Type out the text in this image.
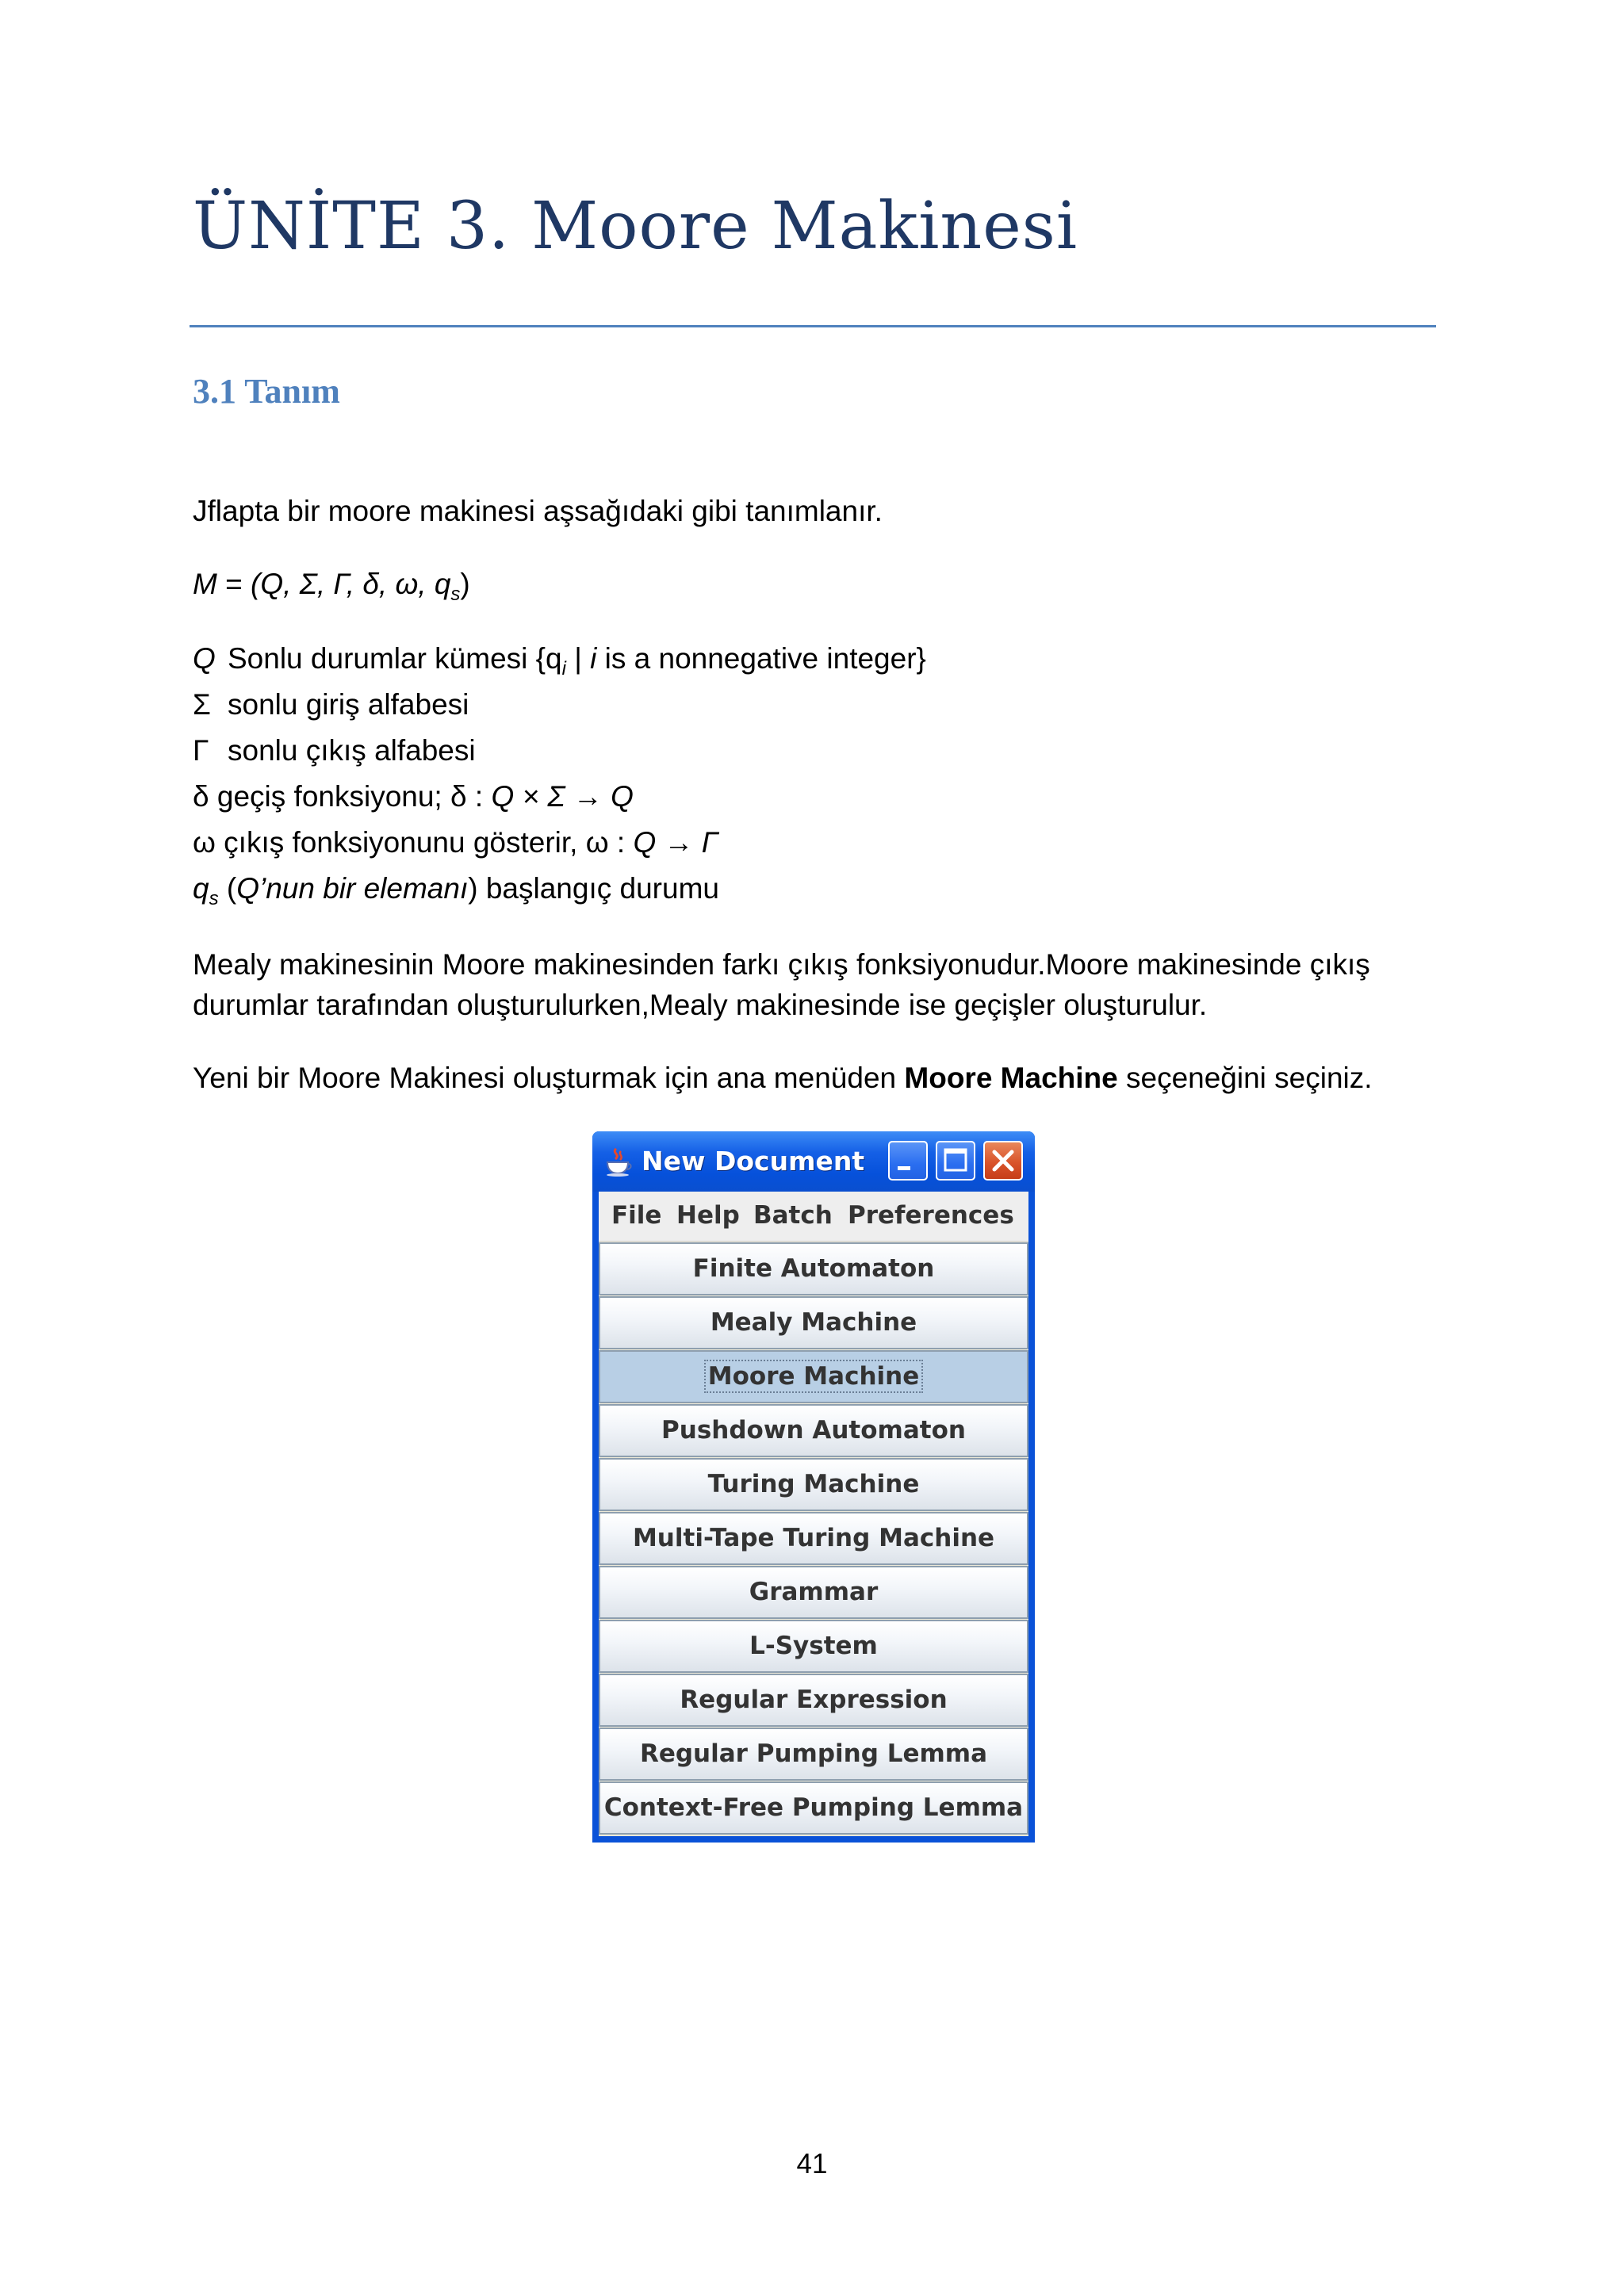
ÜNİTE 3. Moore Makinesi
3.1 Tanım
Jflapta bir moore makinesi aşsağıdaki gibi tanımlanır.
M = (Q, Σ, Γ, δ, ω, $q_s$)
Q Sonlu durumlar kümesi {$q_i$ | i is a nonnegative integer}
Σ sonlu giriş alfabesi
Γ sonlu çıkış alfabesi
δ geçiş fonksiyonu; δ : Q × Σ → Q
ω çıkış fonksiyonunu gösterir, ω : Q → Γ
$q_s$ (Q’nun bir elemanı) başlangıç durumu
Mealy makinesinin Moore makinesinden farkı çıkış fonksiyonudur.Moore makinesinde çıkış
durumlar tarafından oluşturulurken,Mealy makinesinde ise geçişler oluşturulur.
Yeni bir Moore Makinesi oluşturmak için ana menüden Moore Machine seçeneğini seçiniz.
New Document
File Help Batch Preferences
Finite Automaton
Mealy Machine
Moore Machine
Pushdown Automaton
Turing Machine
Multi-Tape Turing Machine
Grammar
L-System
Regular Expression
Regular Pumping Lemma
Context-Free Pumping Lemma
41
